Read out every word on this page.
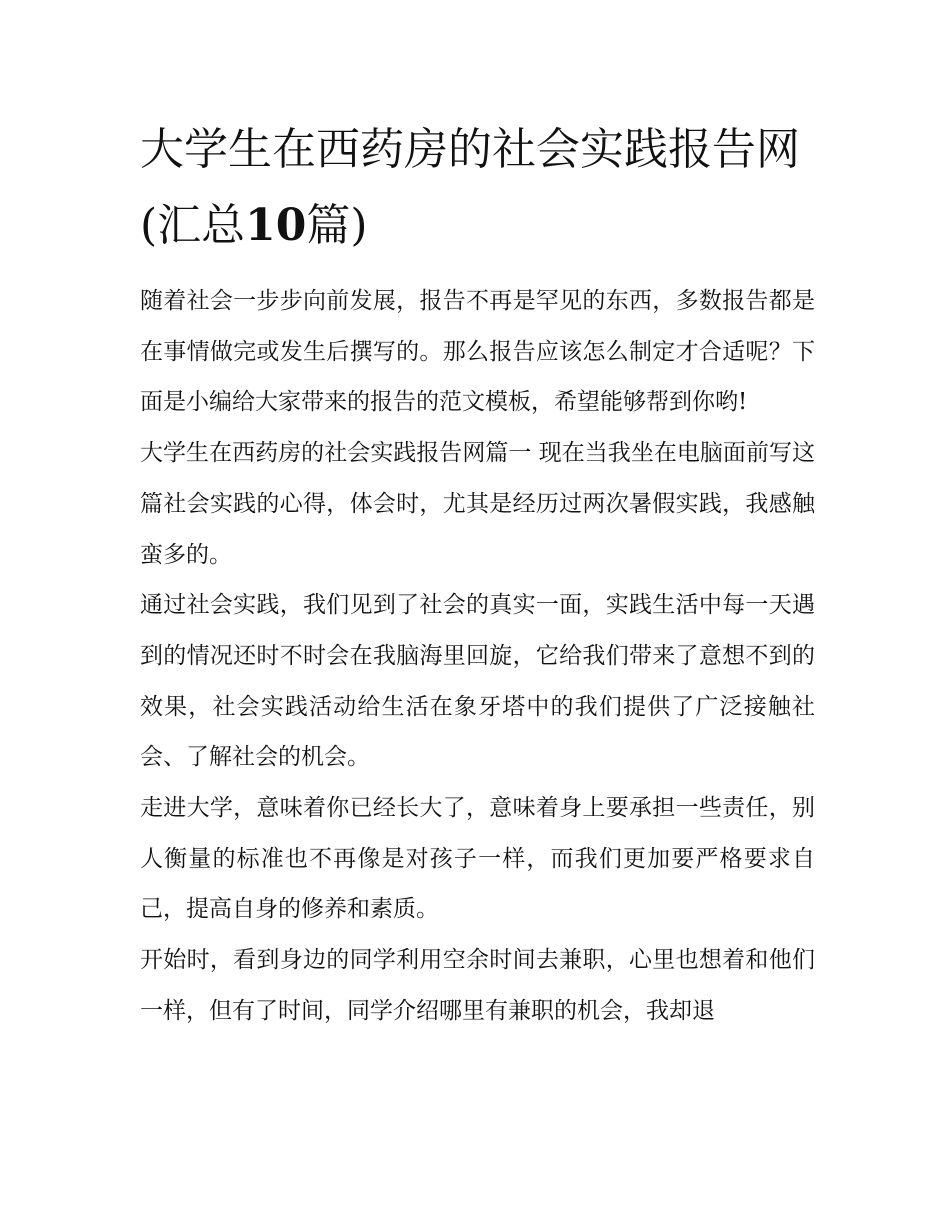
大学生在西药房的社会实践报告网(汇总10篇)

随着社会一步步向前发展，报告不再是罕见的东西，多数报告都是在事情做完或发生后撰写的。那么报告应该怎么制定才合适呢？下面是小编给大家带来的报告的范文模板，希望能够帮到你哟!

大学生在西药房的社会实践报告网篇一 现在当我坐在电脑面前写这篇社会实践的心得，体会时，尤其是经历过两次暑假实践，我感触蛮多的。

通过社会实践，我们见到了社会的真实一面，实践生活中每一天遇到的情况还时不时会在我脑海里回旋，它给我们带来了意想不到的效果，社会实践活动给生活在象牙塔中的我们提供了广泛接触社会、了解社会的机会。

走进大学，意味着你已经长大了，意味着身上要承担一些责任，别人衡量的标准也不再像是对孩子一样，而我们更加要严格要求自己，提高自身的修养和素质。

开始时，看到身边的同学利用空余时间去兼职，心里也想着和他们一样，但有了时间，同学介绍哪里有兼职的机会，我却退
